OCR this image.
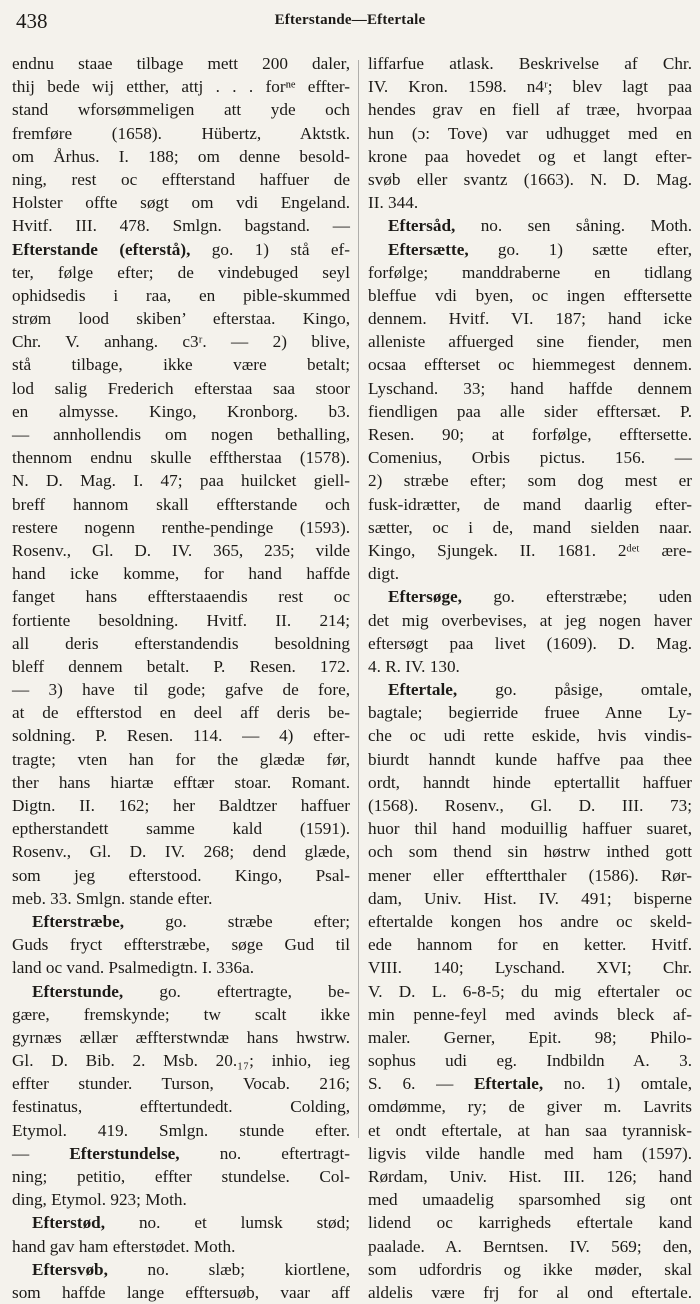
438	Efterstande—Eftertale
endnu staae tilbage mett 200 daler,
thij bede wij etther, attj . . . forⁿᵉ effter-
stand wforsømmeligen att yde och
fremføre (1658). Hübertz, Aktstk.
om Århus. I. 188; om denne besold-
ning, rest oc effterstand haffuer de
Holster offte søgt om vdi Engeland.
Hvitf. III. 478. Smlgn. bagstand. —
Efterstande (efterstå), go. 1) stå ef-
ter, følge efter; de vindebuged seyl
ophidsedis i raa, en pible-skummed
strøm lood skiben’ efterstaa. Kingo,
Chr. V. anhang. c3ʳ. — 2) blive,
stå tilbage, ikke være betalt;
lod salig Frederich efterstaa saa stoor
en almysse. Kingo, Kronborg. b3.
— annhollendis om nogen bethalling,
thennom endnu skulle efftherstaa (1578).
N. D. Mag. I. 47; paa huilcket giell-
breff hannom skall effterstande och
restere nogenn renthe-pendinge (1593).
Rosenv., Gl. D. IV. 365, 235; vilde
hand icke komme, for hand haffde
fanget hans effterstaaendis rest oc
fortiente besoldning. Hvitf. II. 214;
all deris efterstandendis besoldning
bleff dennem betalt. P. Resen. 172.
— 3) have til gode; gafve de fore,
at de effterstod en deel aff deris be-
soldning. P. Resen. 114. — 4) efter-
tragte; vten han for the glædæ før,
ther hans hiartæ efftær stoar. Romant.
Digtn. II. 162; her Baldtzer haffuer
eptherstandett samme kald (1591).
Rosenv., Gl. D. IV. 268; dend glæde,
som jeg efterstood. Kingo, Psal-
meb. 33. Smlgn. stande efter.
Efterstræbe, go. stræbe efter;
Guds fryct effterstræbe, søge Gud til
land oc vand. Psalmedigtn. I. 336a.
Efterstunde, go. eftertragte, be-
gære, fremskynde; tw scalt ikke
gyrnæs ællær æffterstwndæ hans hwstrw.
Gl. D. Bib. 2. Msb. 20.₁₇; inhio, ieg
effter stunder. Turson, Vocab. 216;
festinatus, efftertundedt. Colding,
Etymol. 419. Smlgn. stunde efter.
— Efterstundelse, no. eftertragt-
ning; petitio, effter stundelse. Col-
ding, Etymol. 923; Moth.
Efterstød, no. et lumsk stød;
hand gav ham efterstødet. Moth.
Eftersvøb, no. slæb; kiortlene,
som haffde lange efftersuøb, vaar aff
liffarfue atlask. Beskrivelse af Chr.
IV. Kron. 1598. n4ʳ; blev lagt paa
hendes grav en fiell af træe, hvorpaa
hun (ɔ: Tove) var udhugget med en
krone paa hovedet og et langt efter-
svøb eller svantz (1663). N. D. Mag.
II. 344.
Eftersåd, no. sen såning. Moth.
Eftersætte, go. 1) sætte efter,
forfølge; manddraberne en tidlang
bleffue vdi byen, oc ingen efftersette
dennem. Hvitf. VI. 187; hand icke
alleniste affuerged sine fiender, men
ocsaa effterset oc hiemmegest dennem.
Lyschand. 33; hand haffde dennem
fiendligen paa alle sider efftersæt. P.
Resen. 90; at forfølge, efftersette.
Comenius, Orbis pictus. 156. —
2) stræbe efter; som dog mest er
fusk-idrætter, de mand daarlig efter-
sætter, oc i de, mand sielden naar.
Kingo, Sjungek. II. 1681. 2ᵈᵉᵗ ære-
digt.
Eftersøge, go. efterstræbe; uden
det mig overbevises, at jeg nogen haver
eftersøgt paa livet (1609). D. Mag.
4. R. IV. 130.
Eftertale, go. påsige, omtale,
bagtale; begierride fruee Anne Ly-
che oc udi rette eskide, hvis vindis-
biurdt hanndt kunde haffve paa thee
ordt, hanndt hinde eptertallit haffuer
(1568). Rosenv., Gl. D. III. 73;
huor thil hand moduillig haffuer suaret,
och som thend sin høstrw inthed gott
mener eller efftertthaler (1586). Rør-
dam, Univ. Hist. IV. 491; bisperne
eftertalde kongen hos andre oc skeld-
ede hannom for en ketter. Hvitf.
VIII. 140; Lyschand. XVI; Chr.
V. D. L. 6-8-5; du mig eftertaler oc
min penne-feyl med avinds bleck af-
maler. Gerner, Epit. 98; Philo-
sophus udi eg. Indbildn A. 3.
S. 6. — Eftertale, no. 1) omtale,
omdømme, ry; de giver m. Lavrits
et ondt eftertale, at han saa tyrannisk-
ligvis vilde handle med ham (1597).
Rørdam, Univ. Hist. III. 126; hand
med umaadelig sparsomhed sig ont
lidend oc karrigheds eftertale kand
paalade. A. Berntsen. IV. 569; den,
som udfordris og ikke møder, skal
aldelis være frj for al ond eftertale.
